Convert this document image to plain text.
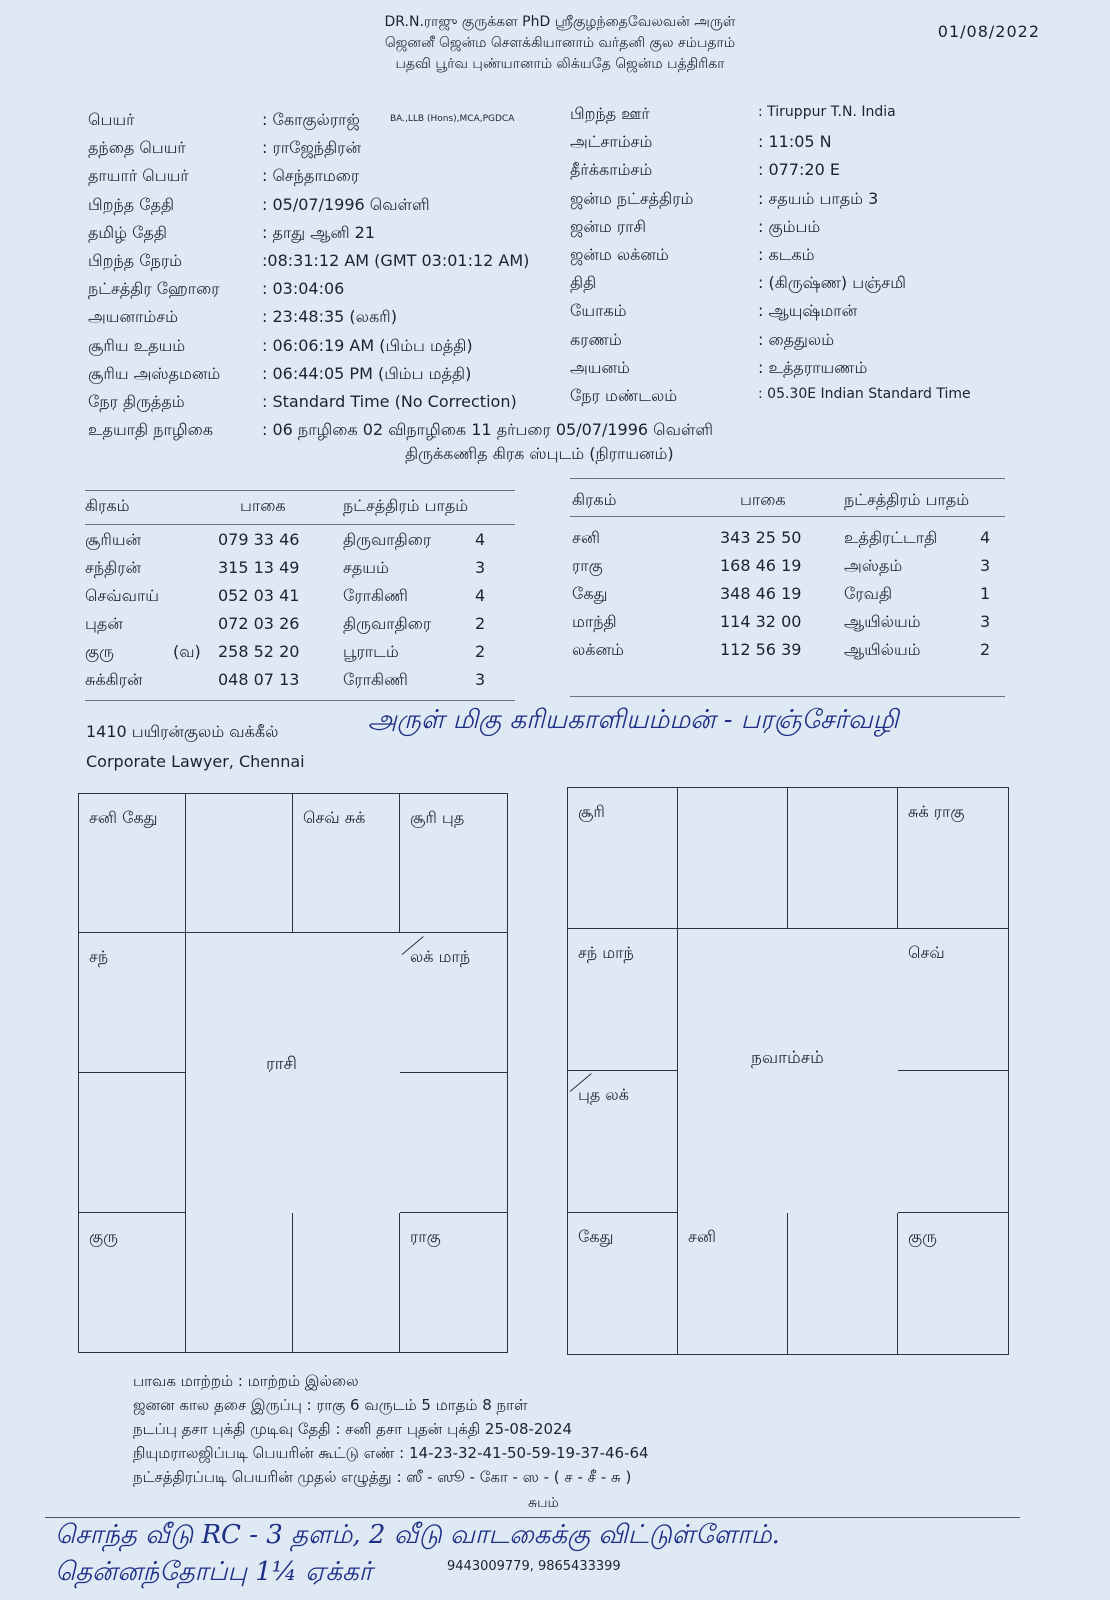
DR.N.ராஜு குருக்கள PhD ஸ்ரீகுழந்தைவேலவன் அருள்
ஜெனனீ ஜென்ம செளக்கியானாம் வர்தனி குல சம்பதாம்
பதவி பூர்வ புண்யானாம் லிக்யதே ஜென்ம பத்திரிகா
01/08/2022
பெயர்	: கோகுல்ராஜ்	BA.,LLB (Hons),MCA,PGDCA
தந்தை பெயர்	: ராஜேந்திரன்
தாயார் பெயர்	: செந்தாமரை
பிறந்த தேதி	: 05/07/1996 வெள்ளி
தமிழ் தேதி	: தாது ஆனி 21
பிறந்த நேரம்	:08:31:12 AM (GMT 03:01:12 AM)
நட்சத்திர ஹோரை	: 03:04:06
அயனாம்சம்	: 23:48:35 (லகரி)
சூரிய உதயம்	: 06:06:19 AM (பிம்ப மத்தி)
சூரிய அஸ்தமனம்	: 06:44:05 PM (பிம்ப மத்தி)
நேர திருத்தம்	: Standard Time (No Correction)
உதயாதி நாழிகை	: 06 நாழிகை 02 விநாழிகை 11 தர்பரை 05/07/1996 வெள்ளி
பிறந்த ஊர்	: Tiruppur T.N. India
அட்சாம்சம்	: 11:05 N
தீர்க்காம்சம்	: 077:20 E
ஜன்ம நட்சத்திரம்	: சதயம் பாதம் 3
ஜன்ம ராசி	: கும்பம்
ஜன்ம லக்னம்	: கடகம்
திதி	: (கிருஷ்ண) பஞ்சமி
யோகம்	: ஆயுஷ்மான்
கரணம்	: தைதுலம்
அயனம்	: உத்தராயணம்
நேர மண்டலம்	: 05.30E Indian Standard Time
திருக்கணித கிரக ஸ்புடம் (நிராயனம்)
கிரகம்	பாகை	நட்சத்திரம் பாதம்
சூரியன்	079 33 46	திருவாதிரை	4
சந்திரன்	315 13 49	சதயம்	3
செவ்வாய்	052 03 41	ரோகிணி	4
புதன்	072 03 26	திருவாதிரை	2
குரு	(வ) 258 52 20	பூராடம்	2
சுக்கிரன்	048 07 13	ரோகிணி	3
கிரகம்	பாகை	நட்சத்திரம் பாதம்
சனி	343 25 50	உத்திரட்டாதி	4
ராகு	168 46 19	அஸ்தம்	3
கேது	348 46 19	ரேவதி	1
மாந்தி	114 32 00	ஆயில்யம்	3
லக்னம்	112 56 39	ஆயில்யம்	2
1410 பயிரன்குலம் வக்கீல்
Corporate Lawyer, Chennai
அருள் மிகு கரியகாளியம்மன் - பரஞ்சேர்வழி
சனி கேது	செவ் சுக்	சூரி புத
சந்	லக் மாந்
குரு	ராகு
ராசி
சூரி	சுக் ராகு
சந் மாந்	செவ்
புத லக்
கேது	சனி	குரு
நவாம்சம்
பாவக மாற்றம் : மாற்றம் இல்லை
ஜனன கால தசை இருப்பு : ராகு 6 வருடம் 5 மாதம் 8 நாள்
நடப்பு தசா புக்தி முடிவு தேதி : சனி தசா புதன் புக்தி 25-08-2024
நியுமராலஜிப்படி பெயரின் கூட்டு எண் : 14-23-32-41-50-59-19-37-46-64
நட்சத்திரப்படி பெயரின் முதல் எழுத்து : ஸீ - ஸூ - கோ - ஸ - ( ச - சீ - சு )
சுபம்
சொந்த வீடு RC - 3 தளம், 2 வீடு வாடகைக்கு விட்டுள்ளோம்.
தென்னந்தோப்பு 1¼ ஏக்கர்	9443009779, 9865433399
